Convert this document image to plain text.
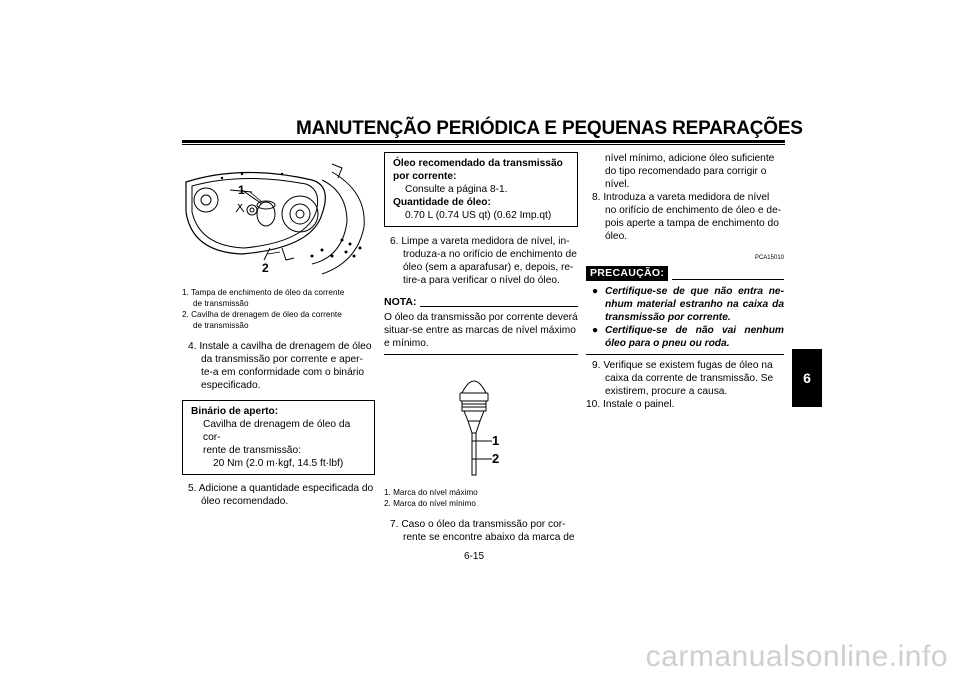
MANUTENÇÃO PERIÓDICA E PEQUENAS REPARAÇÕES
6
1
2
1. Tampa de enchimento de óleo da corrente
de transmissão
2. Cavilha de drenagem de óleo da corrente
de transmissão
4. Instale a cavilha de drenagem de óleo
da transmissão por corrente e aper-
te-a em conformidade com o binário
especificado.
Binário de aperto:
Cavilha de drenagem de óleo da cor-
rente de transmissão:
20 Nm (2.0 m·kgf, 14.5 ft·lbf)
5. Adicione a quantidade especificada do
óleo recomendado.
Óleo recomendado da transmissão
por corrente:
Consulte a página 8-1.
Quantidade de óleo:
0.70 L (0.74 US qt) (0.62 Imp.qt)
6. Limpe a vareta medidora de nível, in-
troduza-a no orifício de enchimento de
óleo (sem a aparafusar) e, depois, re-
tire-a para verificar o nível do óleo.
NOTA:
O óleo da transmissão por corrente deverá
situar-se entre as marcas de nível máximo
e mínimo.
1
2
1. Marca do nível máximo
2. Marca do nível mínimo
7. Caso o óleo da transmissão por cor-
rente se encontre abaixo da marca de
nível mínimo, adicione óleo suficiente
do tipo recomendado para corrigir o
nível.
8. Introduza a vareta medidora de nível
no orifício de enchimento de óleo e de-
pois aperte a tampa de enchimento do
óleo.
PCA15010
PRECAUÇÃO:
● Certifique-se de que não entra ne- nhum material estranho na caixa da transmissão por corrente.
● Certifique-se de não vai nenhum óleo para o pneu ou roda.
9. Verifique se existem fugas de óleo na
caixa da corrente de transmissão. Se
existirem, procure a causa.
10. Instale o painel.
6-15
carmanualsonline.info
